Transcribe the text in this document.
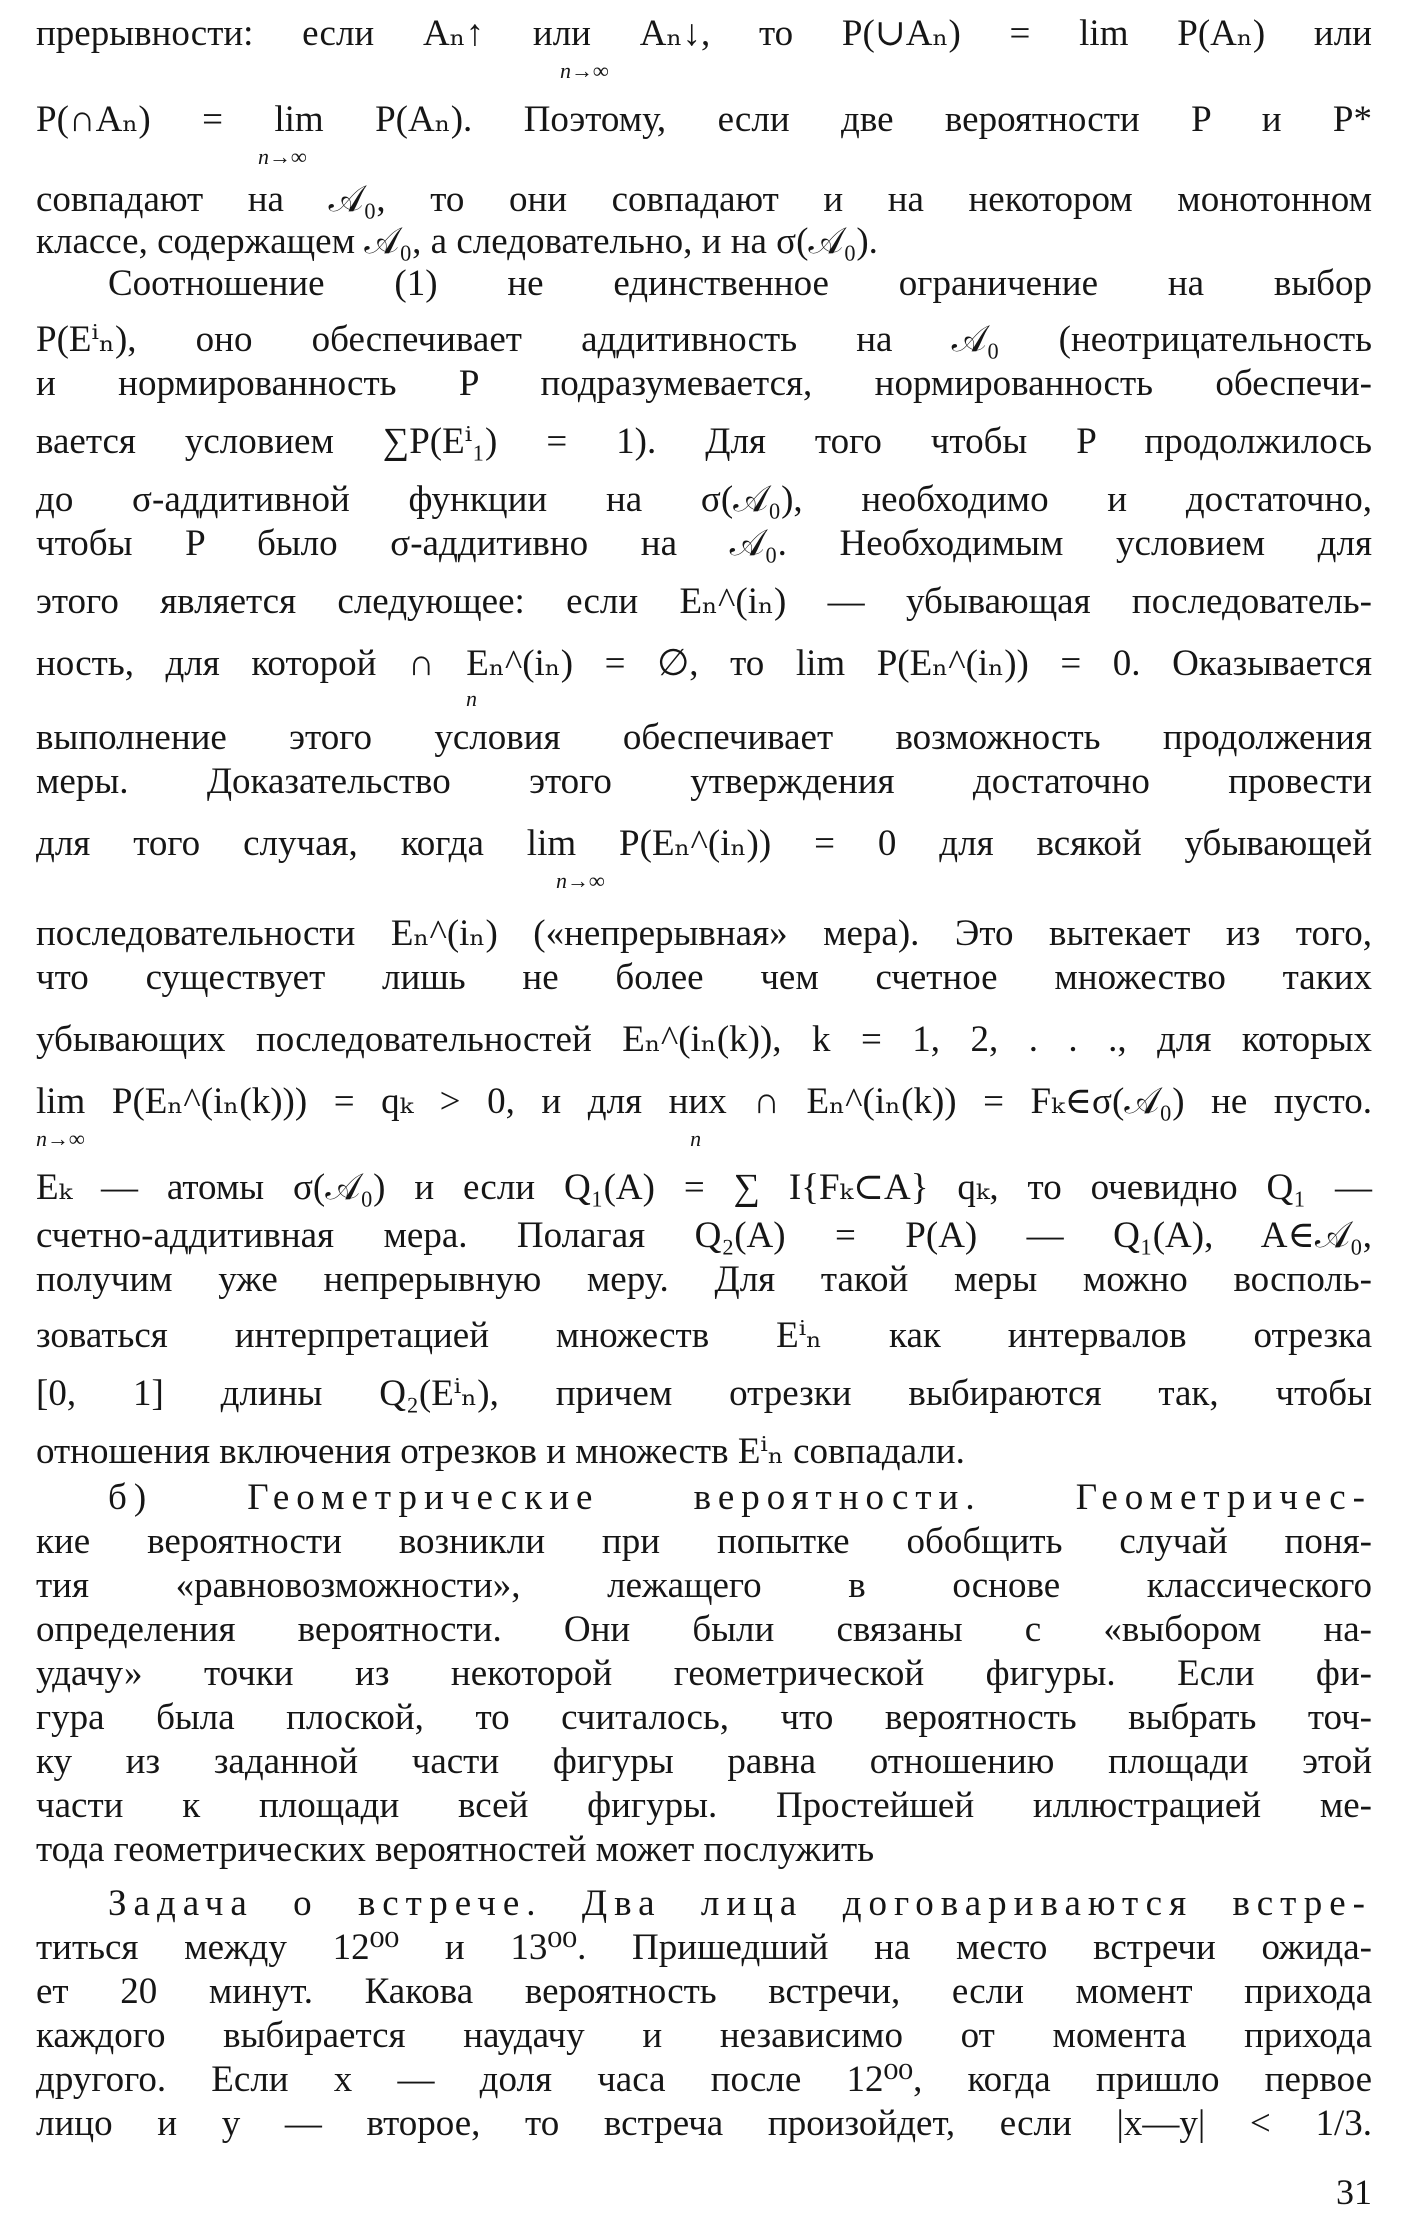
прерывности: если Aₙ↑ или Aₙ↓, то P(∪Aₙ) = lim P(Aₙ) или
n→∞
P(∩Aₙ) = lim P(Aₙ). Поэтому, если две вероятности P и P*
n→∞
совпадают на 𝒜₀, то они совпадают и на некотором монотонном
классе, содержащем 𝒜₀, а следовательно, и на σ(𝒜₀).
Соотношение (1) не единственное ограничение на выбор
P(Eⁱₙ), оно обеспечивает аддитивность на 𝒜₀ (неотрицательность
и нормированность P подразумевается, нормированность обеспечи-
вается условием ∑P(Eⁱ₁) = 1). Для того чтобы P продолжилось
до σ-аддитивной функции на σ(𝒜₀), необходимо и достаточно,
чтобы P было σ-аддитивно на 𝒜₀. Необходимым условием для
этого является следующее: если Eₙ^(iₙ) — убывающая последователь-
ность, для которой ∩ Eₙ^(iₙ) = ∅, то lim P(Eₙ^(iₙ)) = 0. Оказывается
n
выполнение этого условия обеспечивает возможность продолжения
меры. Доказательство этого утверждения достаточно провести
для того случая, когда lim P(Eₙ^(iₙ)) = 0 для всякой убывающей
n→∞
последовательности Eₙ^(iₙ) («непрерывная» мера). Это вытекает из того,
что существует лишь не более чем счетное множество таких
убывающих последовательностей Eₙ^(iₙ(k)), k = 1, 2, . . ., для которых
lim P(Eₙ^(iₙ(k))) = qₖ > 0, и для них ∩ Eₙ^(iₙ(k)) = Fₖ∈σ(𝒜₀) не пусто.
n→∞ n
Eₖ — атомы σ(𝒜₀) и если Q₁(A) = ∑ I{Fₖ⊂A} qₖ, то очевидно Q₁ —
счетно-аддитивная мера. Полагая Q₂(A) = P(A) — Q₁(A), A∈𝒜₀,
получим уже непрерывную меру. Для такой меры можно восполь-
зоваться интерпретацией множеств Eⁱₙ как интервалов отрезка
[0, 1] длины Q₂(Eⁱₙ), причем отрезки выбираются так, чтобы
отношения включения отрезков и множеств Eⁱₙ совпадали.
б) Геометрические вероятности. Геометричес-
кие вероятности возникли при попытке обобщить случай поня-
тия «равновозможности», лежащего в основе классического
определения вероятности. Они были связаны с «выбором на-
удачу» точки из некоторой геометрической фигуры. Если фи-
гура была плоской, то считалось, что вероятность выбрать точ-
ку из заданной части фигуры равна отношению площади этой
части к площади всей фигуры. Простейшей иллюстрацией ме-
тода геометрических вероятностей может послужить
Задача о встрече. Два лица договариваются встре-
титься между 12⁰⁰ и 13⁰⁰. Пришедший на место встречи ожида-
ет 20 минут. Какова вероятность встречи, если момент прихода
каждого выбирается наудачу и независимо от момента прихода
другого. Если x — доля часа после 12⁰⁰, когда пришло первое
лицо и y — второе, то встреча произойдет, если |x—y| < 1/3.
31
